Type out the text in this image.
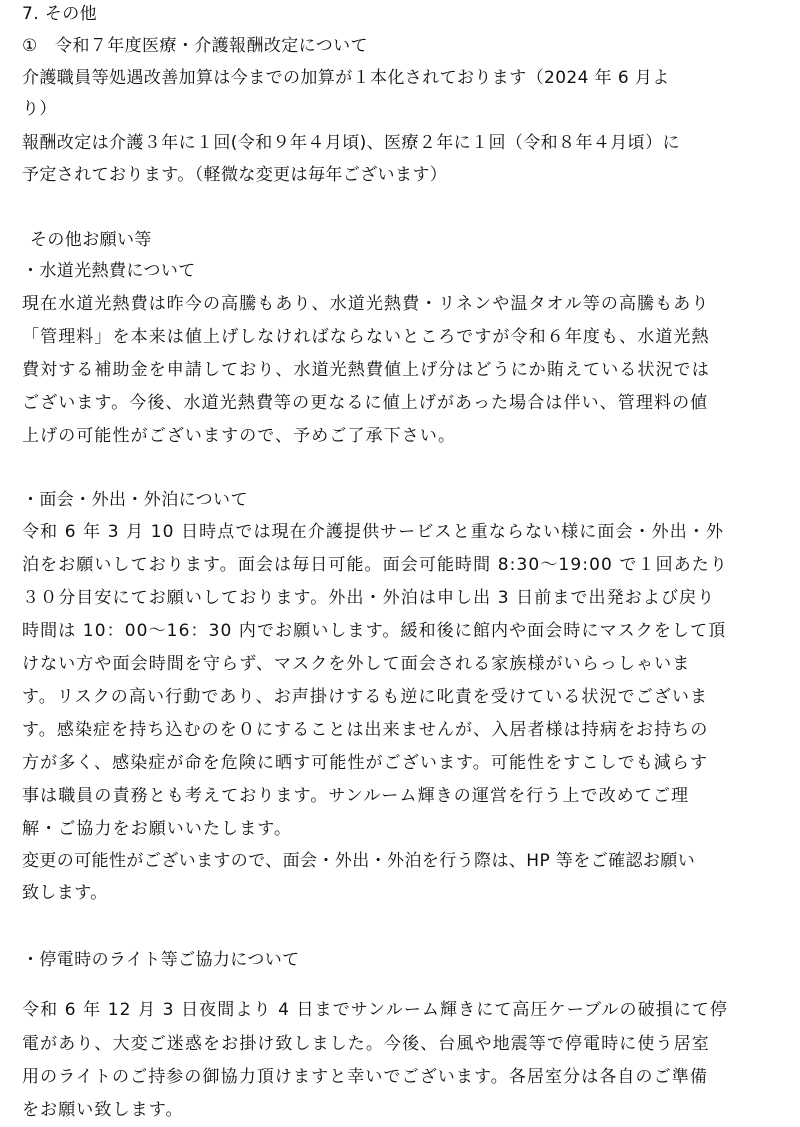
7. その他
①　令和７年度医療・介護報酬改定について
介護職員等処遇改善加算は今までの加算が１本化されております（2024 年 6 月よ
り）
報酬改定は介護３年に１回(令和９年４月頃)、医療２年に１回（令和８年４月頃）に
予定されております。（軽微な変更は毎年ございます）
その他お願い等
・水道光熱費について
現在水道光熱費は昨今の高騰もあり、水道光熱費・リネンや温タオル等の高騰もあり
「管理料」を本来は値上げしなければならないところですが令和６年度も、水道光熱
費対する補助金を申請しており、水道光熱費値上げ分はどうにか賄えている状況では
ございます。今後、水道光熱費等の更なるに値上げがあった場合は伴い、管理料の値
上げの可能性がございますので、予めご了承下さい。
・面会・外出・外泊について
令和 6 年 3 月 10 日時点では現在介護提供サービスと重ならない様に面会・外出・外
泊をお願いしております。面会は毎日可能。面会可能時間 8:30～19:00 で１回あたり
３０分目安にてお願いしております。外出・外泊は申し出 3 日前まで出発および戻り
時間は 10：00～16：30 内でお願いします。緩和後に館内や面会時にマスクをして頂
けない方や面会時間を守らず、マスクを外して面会される家族様がいらっしゃいま
す。リスクの高い行動であり、お声掛けするも逆に叱責を受けている状況でございま
す。感染症を持ち込むのを０にすることは出来ませんが、入居者様は持病をお持ちの
方が多く、感染症が命を危険に晒す可能性がございます。可能性をすこしでも減らす
事は職員の責務とも考えております。サンルーム輝きの運営を行う上で改めてご理
解・ご協力をお願いいたします。
変更の可能性がございますので、面会・外出・外泊を行う際は、HP 等をご確認お願い
致します。
・停電時のライト等ご協力について
令和 6 年 12 月 3 日夜間より 4 日までサンルーム輝きにて高圧ケーブルの破損にて停
電があり、大変ご迷惑をお掛け致しました。今後、台風や地震等で停電時に使う居室
用のライトのご持参の御協力頂けますと幸いでございます。各居室分は各自のご準備
をお願い致します。
